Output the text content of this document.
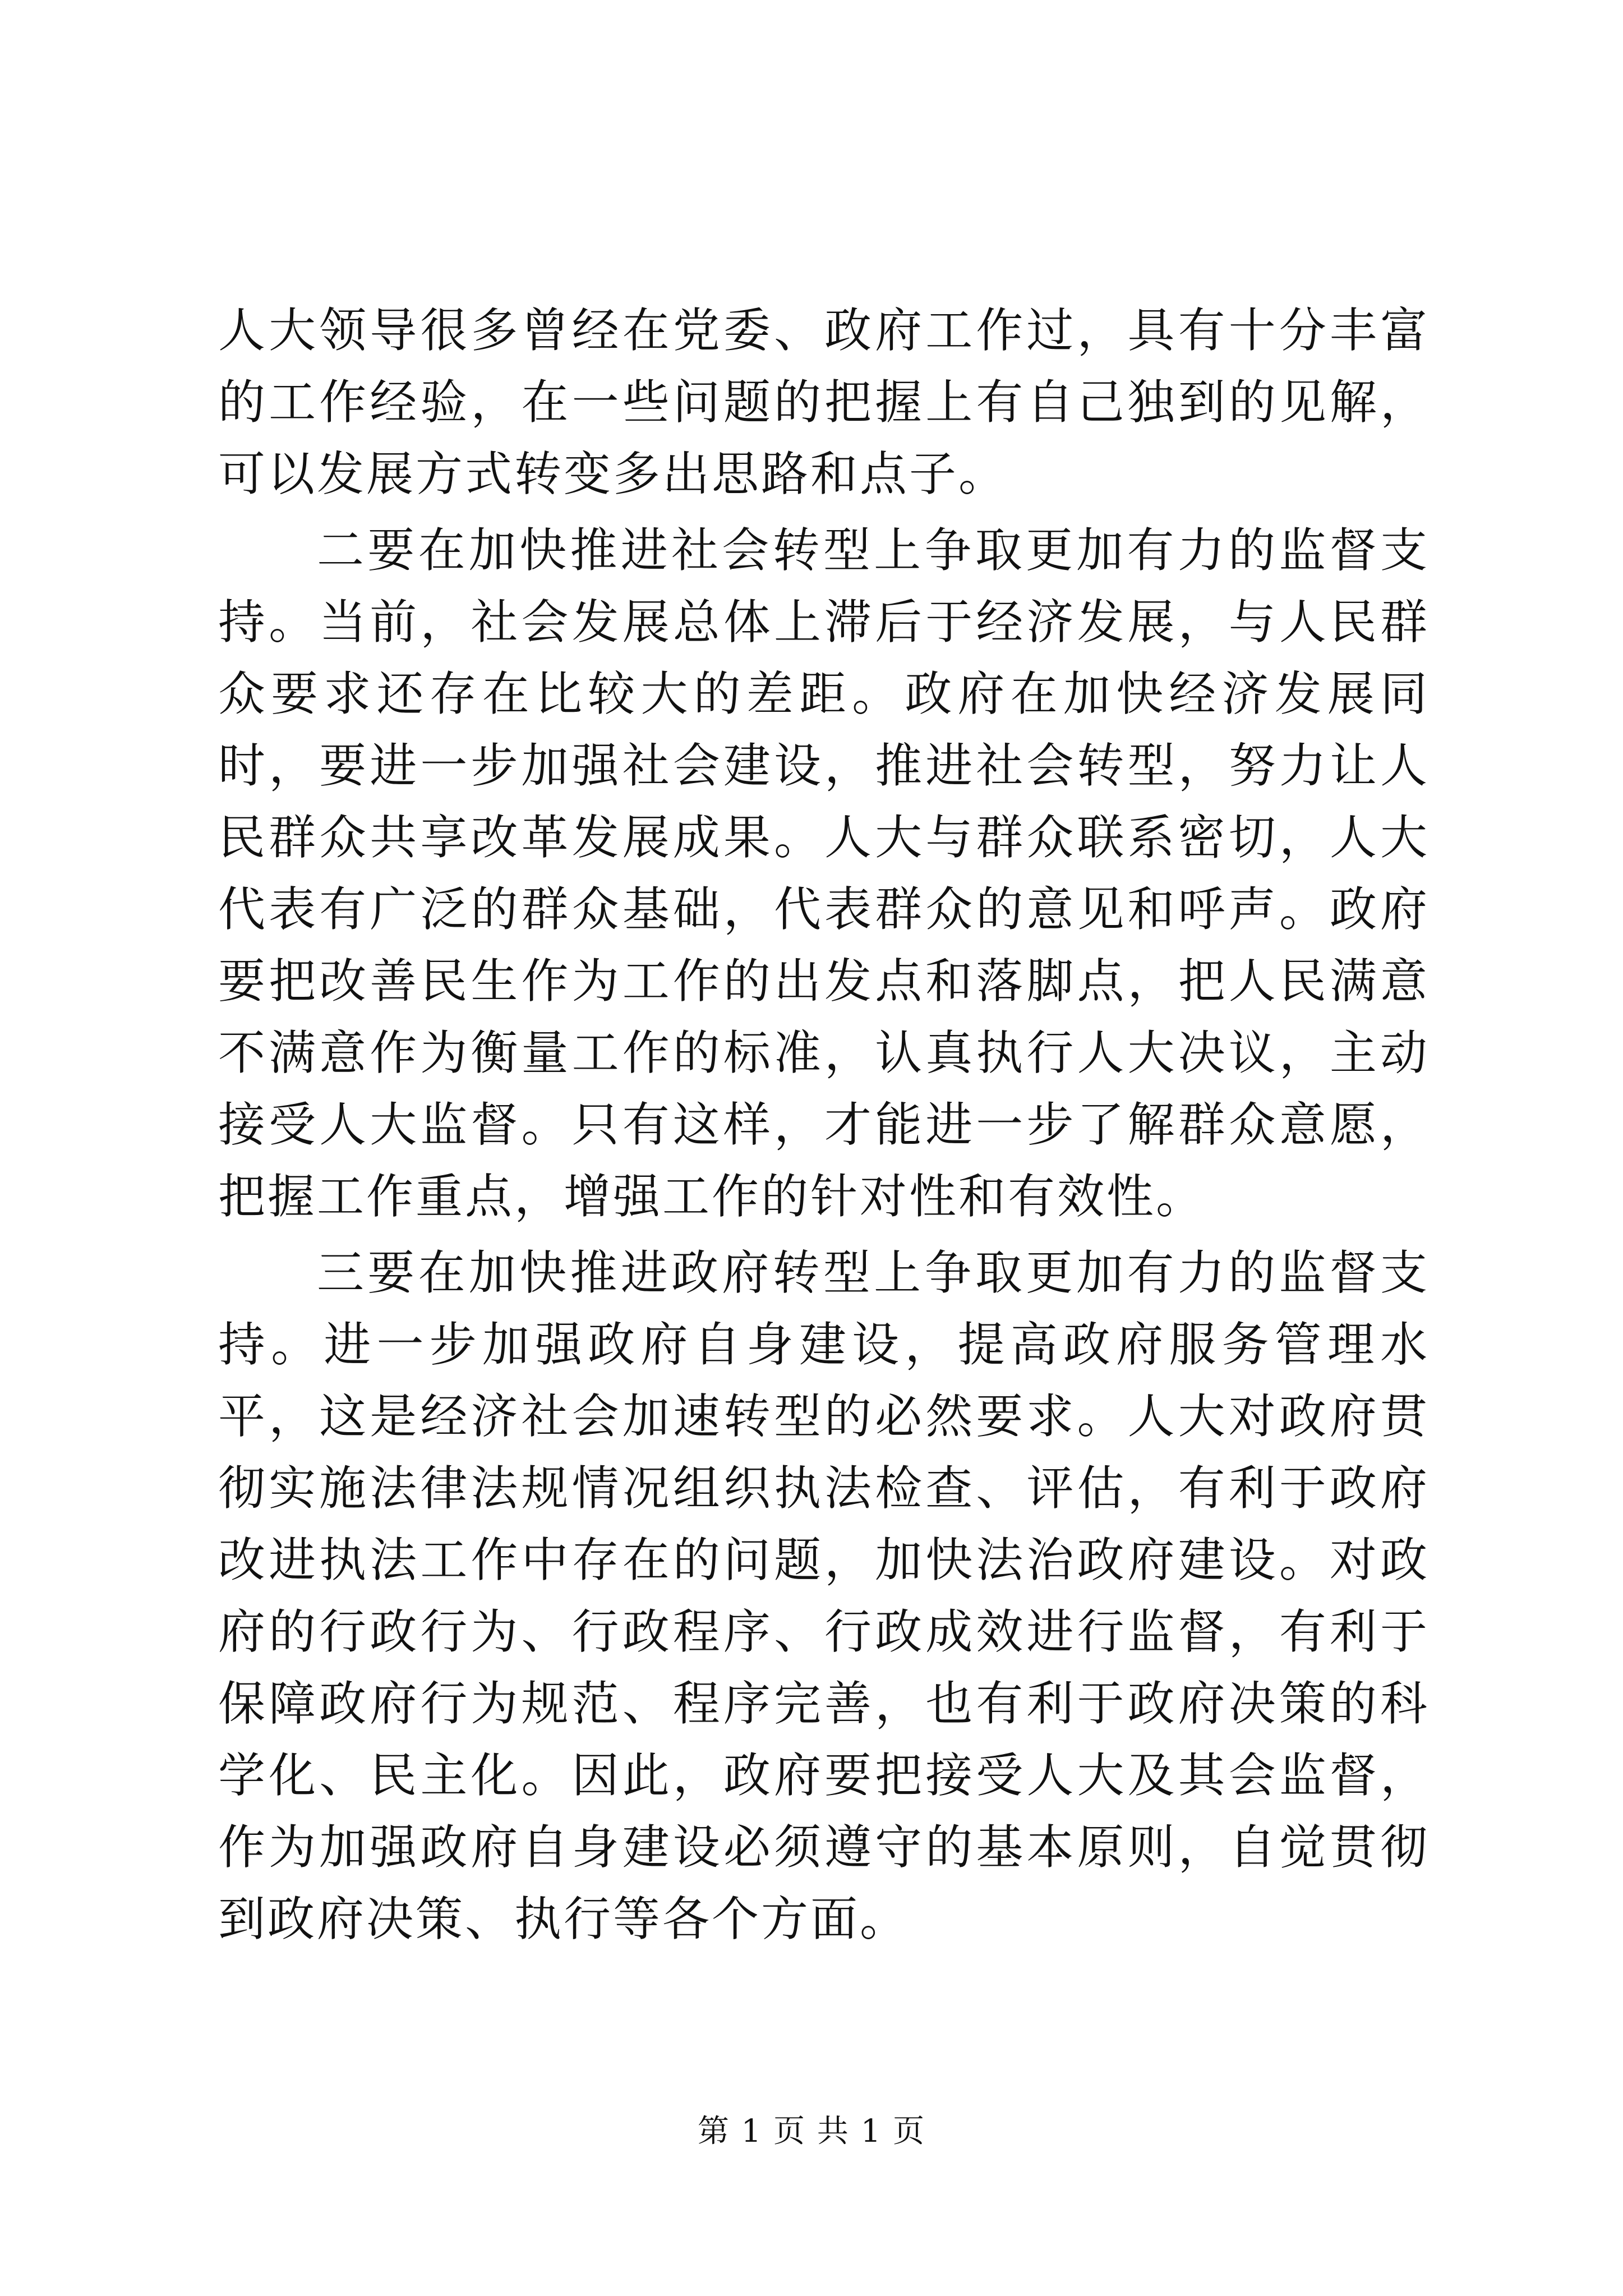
人大领导很多曾经在党委、政府工作过，具有十分丰富的工作经验，在一些问题的把握上有自己独到的见解，可以发展方式转变多出思路和点子。

二要在加快推进社会转型上争取更加有力的监督支持。当前，社会发展总体上滞后于经济发展，与人民群众要求还存在比较大的差距。政府在加快经济发展同时，要进一步加强社会建设，推进社会转型，努力让人民群众共享改革发展成果。人大与群众联系密切，人大代表有广泛的群众基础，代表群众的意见和呼声。政府要把改善民生作为工作的出发点和落脚点，把人民满意不满意作为衡量工作的标准，认真执行人大决议，主动接受人大监督。只有这样，才能进一步了解群众意愿，把握工作重点，增强工作的针对性和有效性。

三要在加快推进政府转型上争取更加有力的监督支持。进一步加强政府自身建设，提高政府服务管理水平，这是经济社会加速转型的必然要求。人大对政府贯彻实施法律法规情况组织执法检查、评估，有利于政府改进执法工作中存在的问题，加快法治政府建设。对政府的行政行为、行政程序、行政成效进行监督，有利于保障政府行为规范、程序完善，也有利于政府决策的科学化、民主化。因此，政府要把接受人大及其会监督，作为加强政府自身建设必须遵守的基本原则，自觉贯彻到政府决策、执行等各个方面。

第 1 页 共 1 页
